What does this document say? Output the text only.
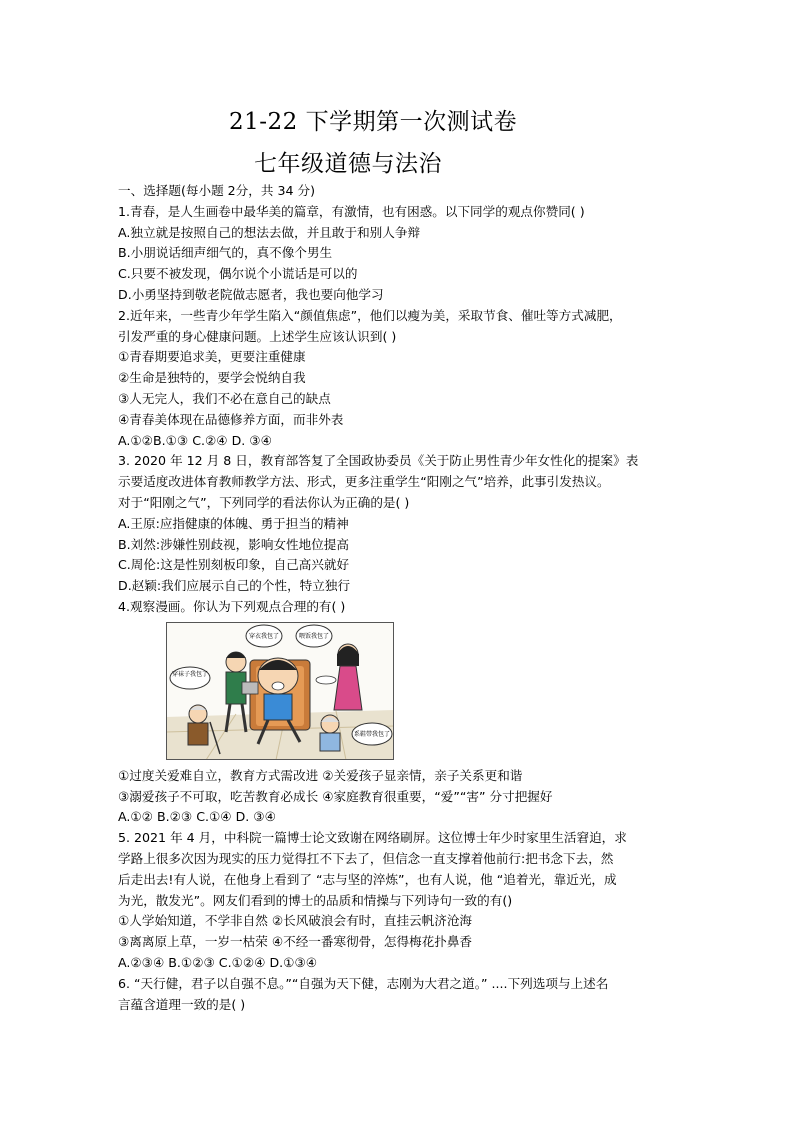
21-22 下学期第一次测试卷
七年级道德与法治
一、选择题(每小题 2分，共 34 分)
1.青春，是人生画卷中最华美的篇章，有激情，也有困惑。以下同学的观点你赞同( )
A.独立就是按照自己的想法去做，并且敢于和别人争辩
B.小朋说话细声细气的，真不像个男生
C.只要不被发现，偶尔说个小谎话是可以的
D.小勇坚持到敬老院做志愿者，我也要向他学习
2.近年来，一些青少年学生陷入“颜值焦虑”，他们以瘦为美，采取节食、催吐等方式减肥，
引发严重的身心健康问题。上述学生应该认识到( )
①青春期要追求美，更要注重健康
②生命是独特的，要学会悦纳自我
③人无完人，我们不必在意自己的缺点
④青春美体现在品德修养方面，而非外表
A.①②B.①③ C.②④ D. ③④
3. 2020 年 12 月 8 日，教育部答复了全国政协委员《关于防止男性青少年女性化的提案》表
示要适度改进体育教师教学方法、形式，更多注重学生“阳刚之气”培养，此事引发热议。
对于“阳刚之气”，下列同学的看法你认为正确的是( )
A.王原:应指健康的体魄、勇于担当的精神
B.刘然:涉嫌性别歧视，影响女性地位提高
C.周伦:这是性别刻板印象，自己高兴就好
D.赵颖:我们应展示自己的个性，特立独行
4.观察漫画。你认为下列观点合理的有( )
穿袜子我包了
穿衣我包了	喂饭我包了
系鞋带我包了
①过度关爱难自立，教育方式需改进 ②关爱孩子显亲情，亲子关系更和谐
③溺爱孩子不可取，吃苦教育必成长 ④家庭教育很重要，“爱”“害” 分寸把握好
A.①② B.②③ C.①④ D. ③④
5. 2021 年 4 月，中科院一篇博士论文致谢在网络刷屏。这位博士年少时家里生活窘迫，求
学路上很多次因为现实的压力觉得扛不下去了，但信念一直支撑着他前行:把书念下去，然
后走出去!有人说，在他身上看到了 “志与坚的淬炼”，也有人说，他 “追着光，靠近光，成
为光，散发光”。网友们看到的博士的品质和情操与下列诗句一致的有()
①人学始知道，不学非自然 ②长风破浪会有时，直挂云帆济沧海
③离离原上草，一岁一枯荣 ④不经一番寒彻骨，怎得梅花扑鼻香
A.②③④ B.①②③ C.①②④ D.①③④
6. “天行健，君子以自强不息。”“自强为天下健，志刚为大君之道。” ....下列选项与上述名
言蕴含道理一致的是( )
